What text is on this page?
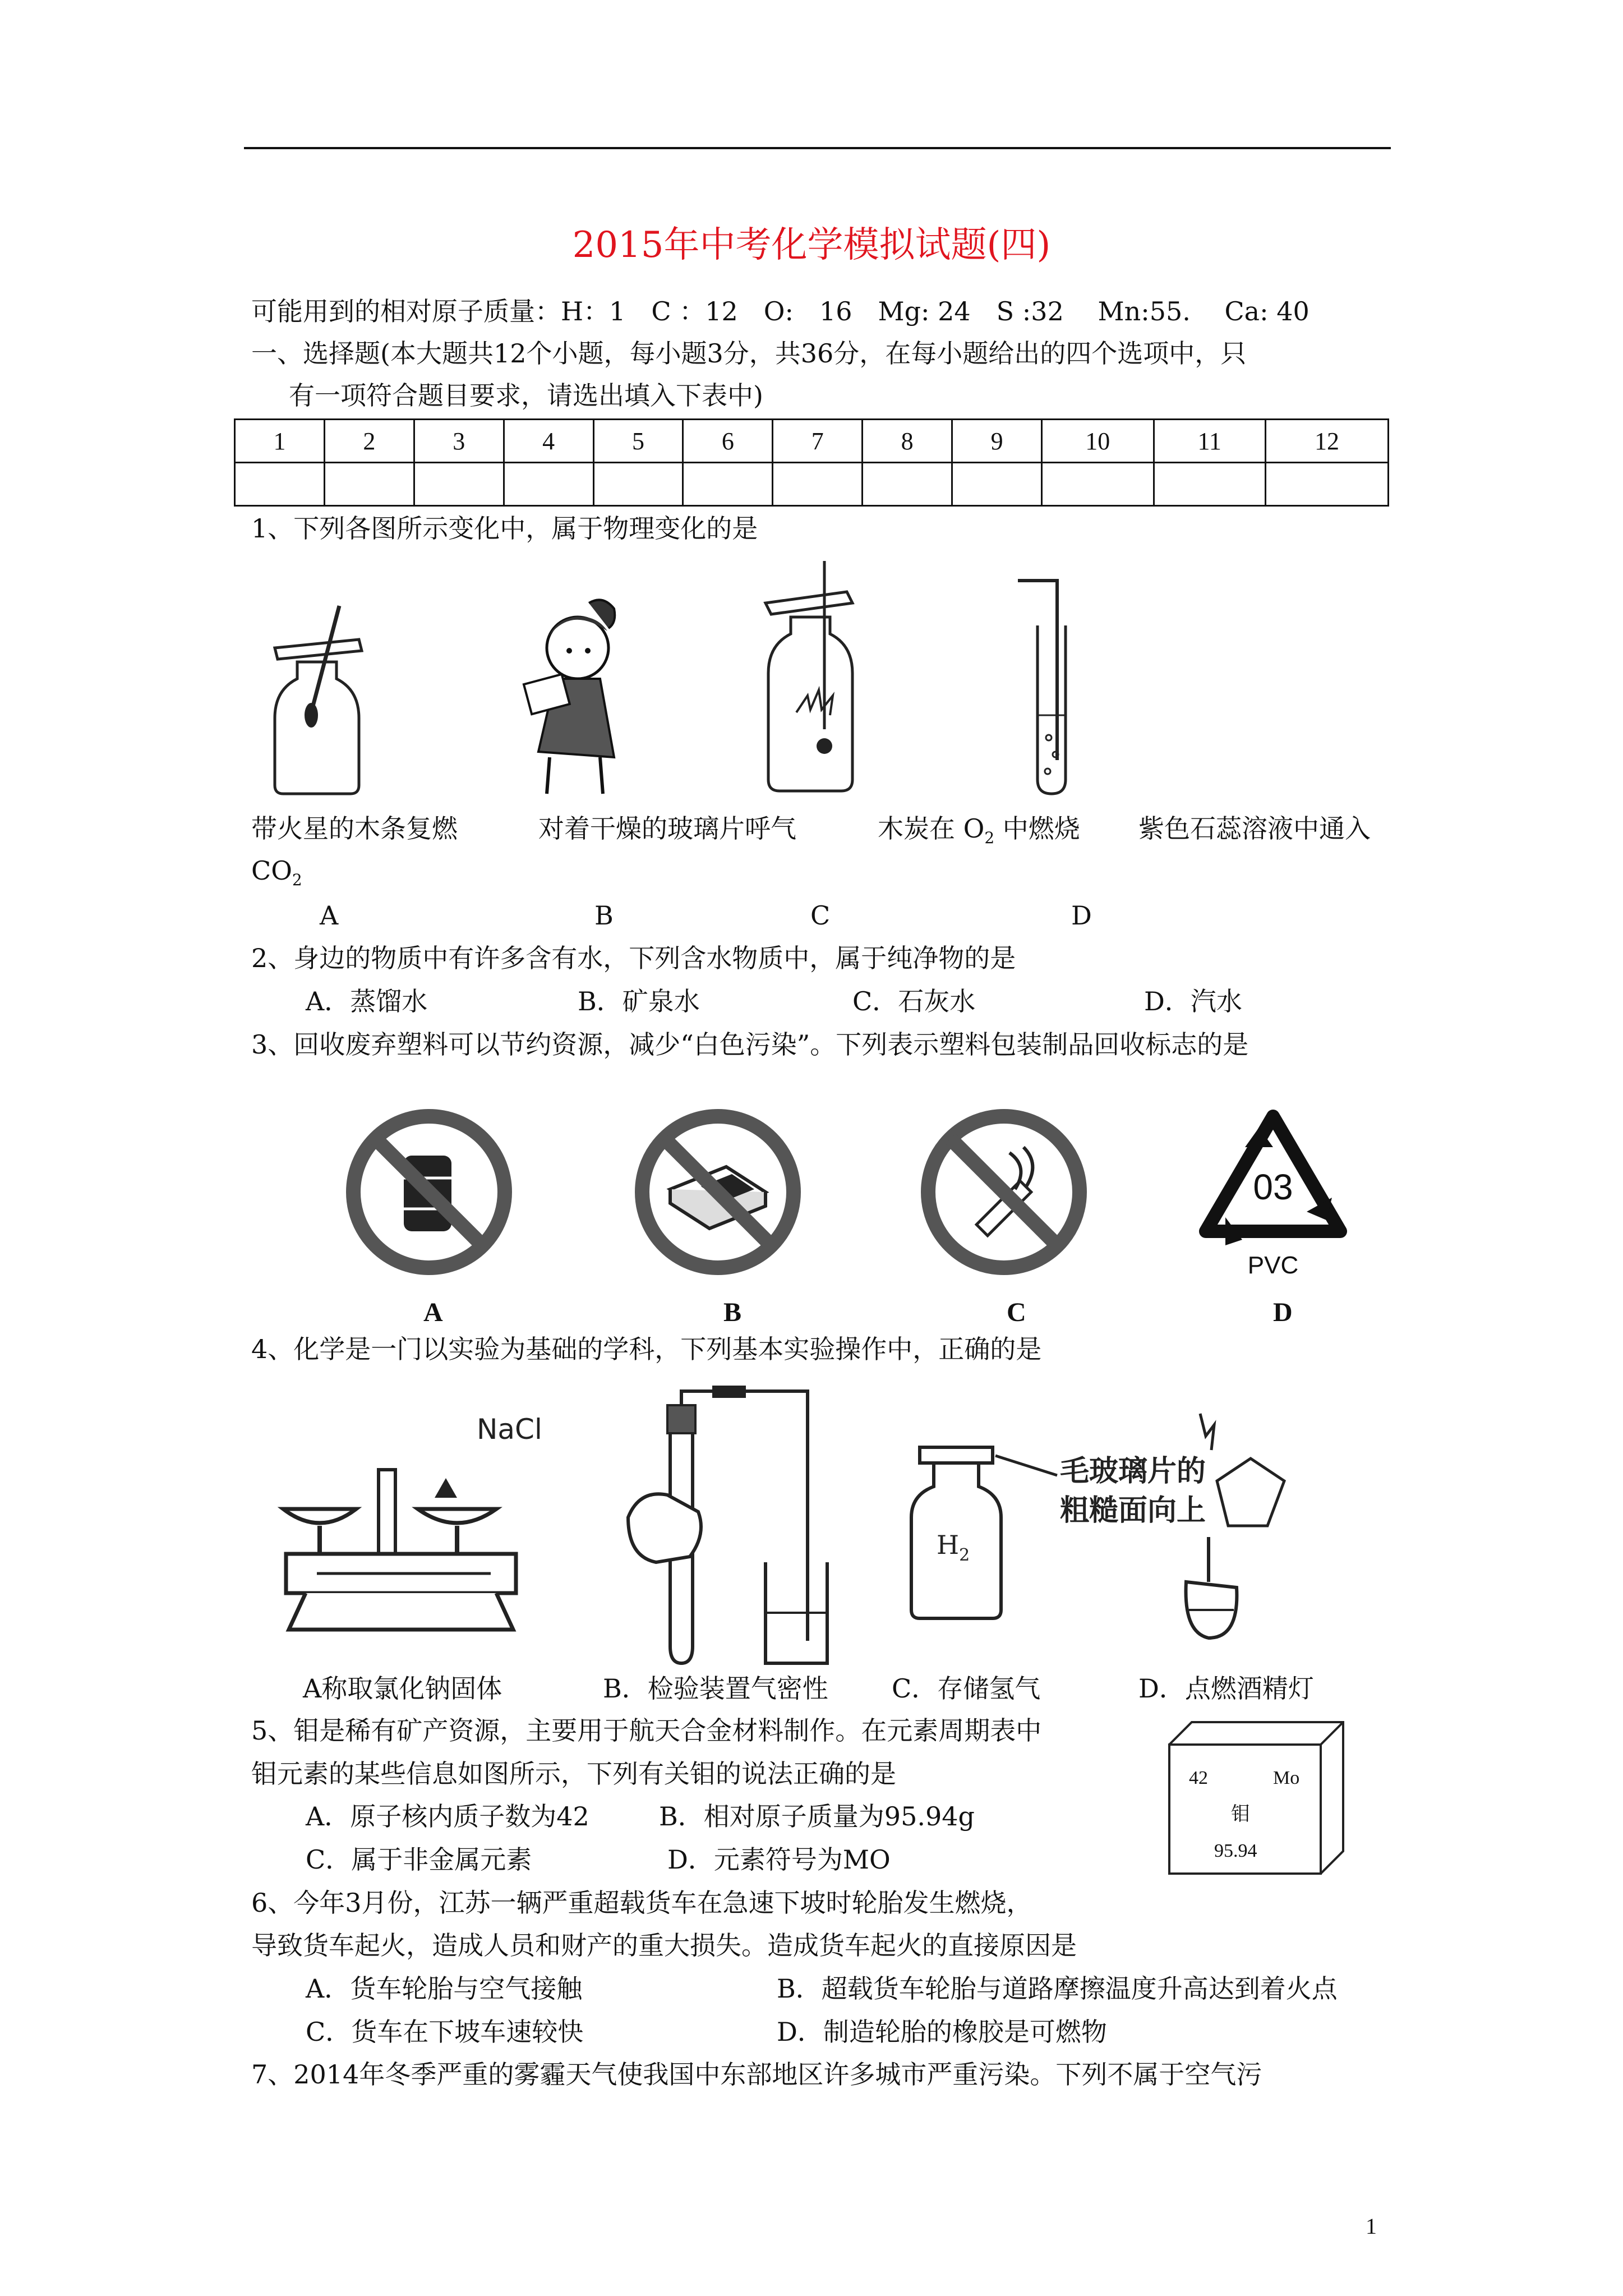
2015年中考化学模拟试题(四)
可能用到的相对原子质量：H：1　C ：12　O:　16　Mg: 24　S :32　 Mn:55.　 Ca: 40
一、选择题(本大题共12个小题，每小题3分，共36分，在每小题给出的四个选项中，只
有一项符合题目要求，请选出填入下表中)
1	2	3	4	5	6	7	8	9	10	11	12

1、下列各图所示变化中，属于物理变化的是
带火星的木条复燃	对着干燥的玻璃片呼气	木炭在 $O_2$ 中燃烧 紫色石蕊溶液中通入
$CO_2$
A	B	C	D
2、身边的物质中有许多含有水，下列含水物质中，属于纯净物的是
A．蒸馏水	B．矿泉水	C．石灰水	D．汽水
3、回收废弃塑料可以节约资源，减少“白色污染”。下列表示塑料包装制品回收标志的是
03
PVC
A	B	C	D
4、化学是一门以实验为基础的学科，下列基本实验操作中，正确的是
NaCl
$H_2$
毛玻璃片的
粗糙面向上
A称取氯化钠固体	B．检验装置气密性 C．存储氢气	D．点燃酒精灯
5、钼是稀有矿产资源，主要用于航天合金材料制作。在元素周期表中
钼元素的某些信息如图所示，下列有关钼的说法正确的是
A．原子核内质子数为42	B．相对原子质量为95.94g
C．属于非金属元素	D．元素符号为MO
42	Mo
钼
95.94
6、今年3月份，江苏一辆严重超载货车在急速下坡时轮胎发生燃烧，
导致货车起火，造成人员和财产的重大损失。造成货车起火的直接原因是
A．货车轮胎与空气接触	B．超载货车轮胎与道路摩擦温度升高达到着火点
C．货车在下坡车速较快	D．制造轮胎的橡胶是可燃物
7、2014年冬季严重的雾霾天气使我国中东部地区许多城市严重污染。下列不属于空气污
1
